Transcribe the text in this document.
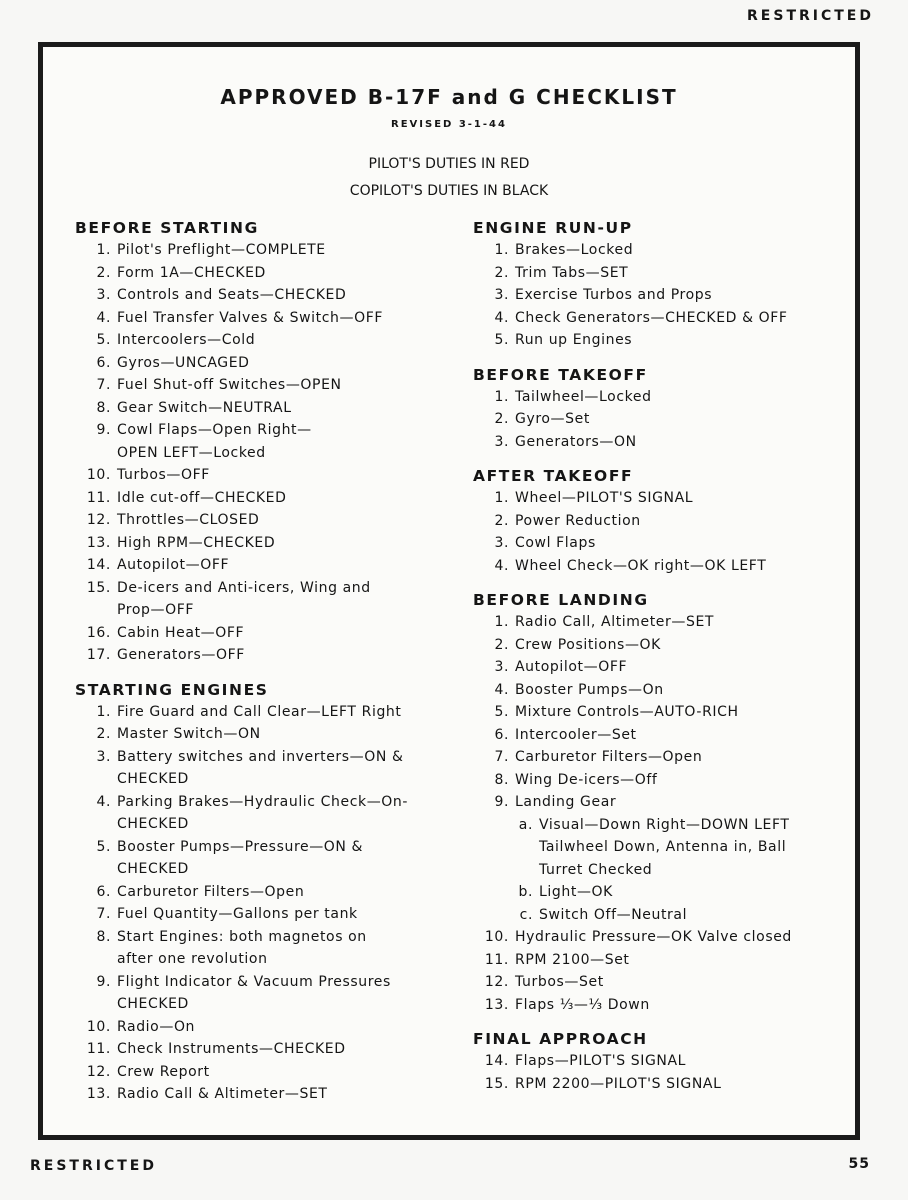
RESTRICTED
APPROVED B-17F and G CHECKLIST
REVISED 3-1-44
PILOT'S DUTIES IN RED
COPILOT'S DUTIES IN BLACK
BEFORE STARTING
1. Pilot's Preflight—COMPLETE
2. Form 1A—CHECKED
3. Controls and Seats—CHECKED
4. Fuel Transfer Valves & Switch—OFF
5. Intercoolers—Cold
6. Gyros—UNCAGED
7. Fuel Shut-off Switches—OPEN
8. Gear Switch—NEUTRAL
9. Cowl Flaps—Open Right—
OPEN LEFT—Locked
10. Turbos—OFF
11. Idle cut-off—CHECKED
12. Throttles—CLOSED
13. High RPM—CHECKED
14. Autopilot—OFF
15. De-icers and Anti-icers, Wing and
Prop—OFF
16. Cabin Heat—OFF
17. Generators—OFF
STARTING ENGINES
1. Fire Guard and Call Clear—LEFT Right
2. Master Switch—ON
3. Battery switches and inverters—ON &
CHECKED
4. Parking Brakes—Hydraulic Check—On-
CHECKED
5. Booster Pumps—Pressure—ON &
CHECKED
6. Carburetor Filters—Open
7. Fuel Quantity—Gallons per tank
8. Start Engines: both magnetos on
after one revolution
9. Flight Indicator & Vacuum Pressures
CHECKED
10. Radio—On
11. Check Instruments—CHECKED
12. Crew Report
13. Radio Call & Altimeter—SET
ENGINE RUN-UP
1. Brakes—Locked
2. Trim Tabs—SET
3. Exercise Turbos and Props
4. Check Generators—CHECKED & OFF
5. Run up Engines
BEFORE TAKEOFF
1. Tailwheel—Locked
2. Gyro—Set
3. Generators—ON
AFTER TAKEOFF
1. Wheel—PILOT'S SIGNAL
2. Power Reduction
3. Cowl Flaps
4. Wheel Check—OK right—OK LEFT
BEFORE LANDING
1. Radio Call, Altimeter—SET
2. Crew Positions—OK
3. Autopilot—OFF
4. Booster Pumps—On
5. Mixture Controls—AUTO-RICH
6. Intercooler—Set
7. Carburetor Filters—Open
8. Wing De-icers—Off
9. Landing Gear
a. Visual—Down Right—DOWN LEFT
Tailwheel Down, Antenna in, Ball
Turret Checked
b. Light—OK
c. Switch Off—Neutral
10. Hydraulic Pressure—OK Valve closed
11. RPM 2100—Set
12. Turbos—Set
13. Flaps ⅓—⅓ Down
FINAL APPROACH
14. Flaps—PILOT'S SIGNAL
15. RPM 2200—PILOT'S SIGNAL
RESTRICTED	55
